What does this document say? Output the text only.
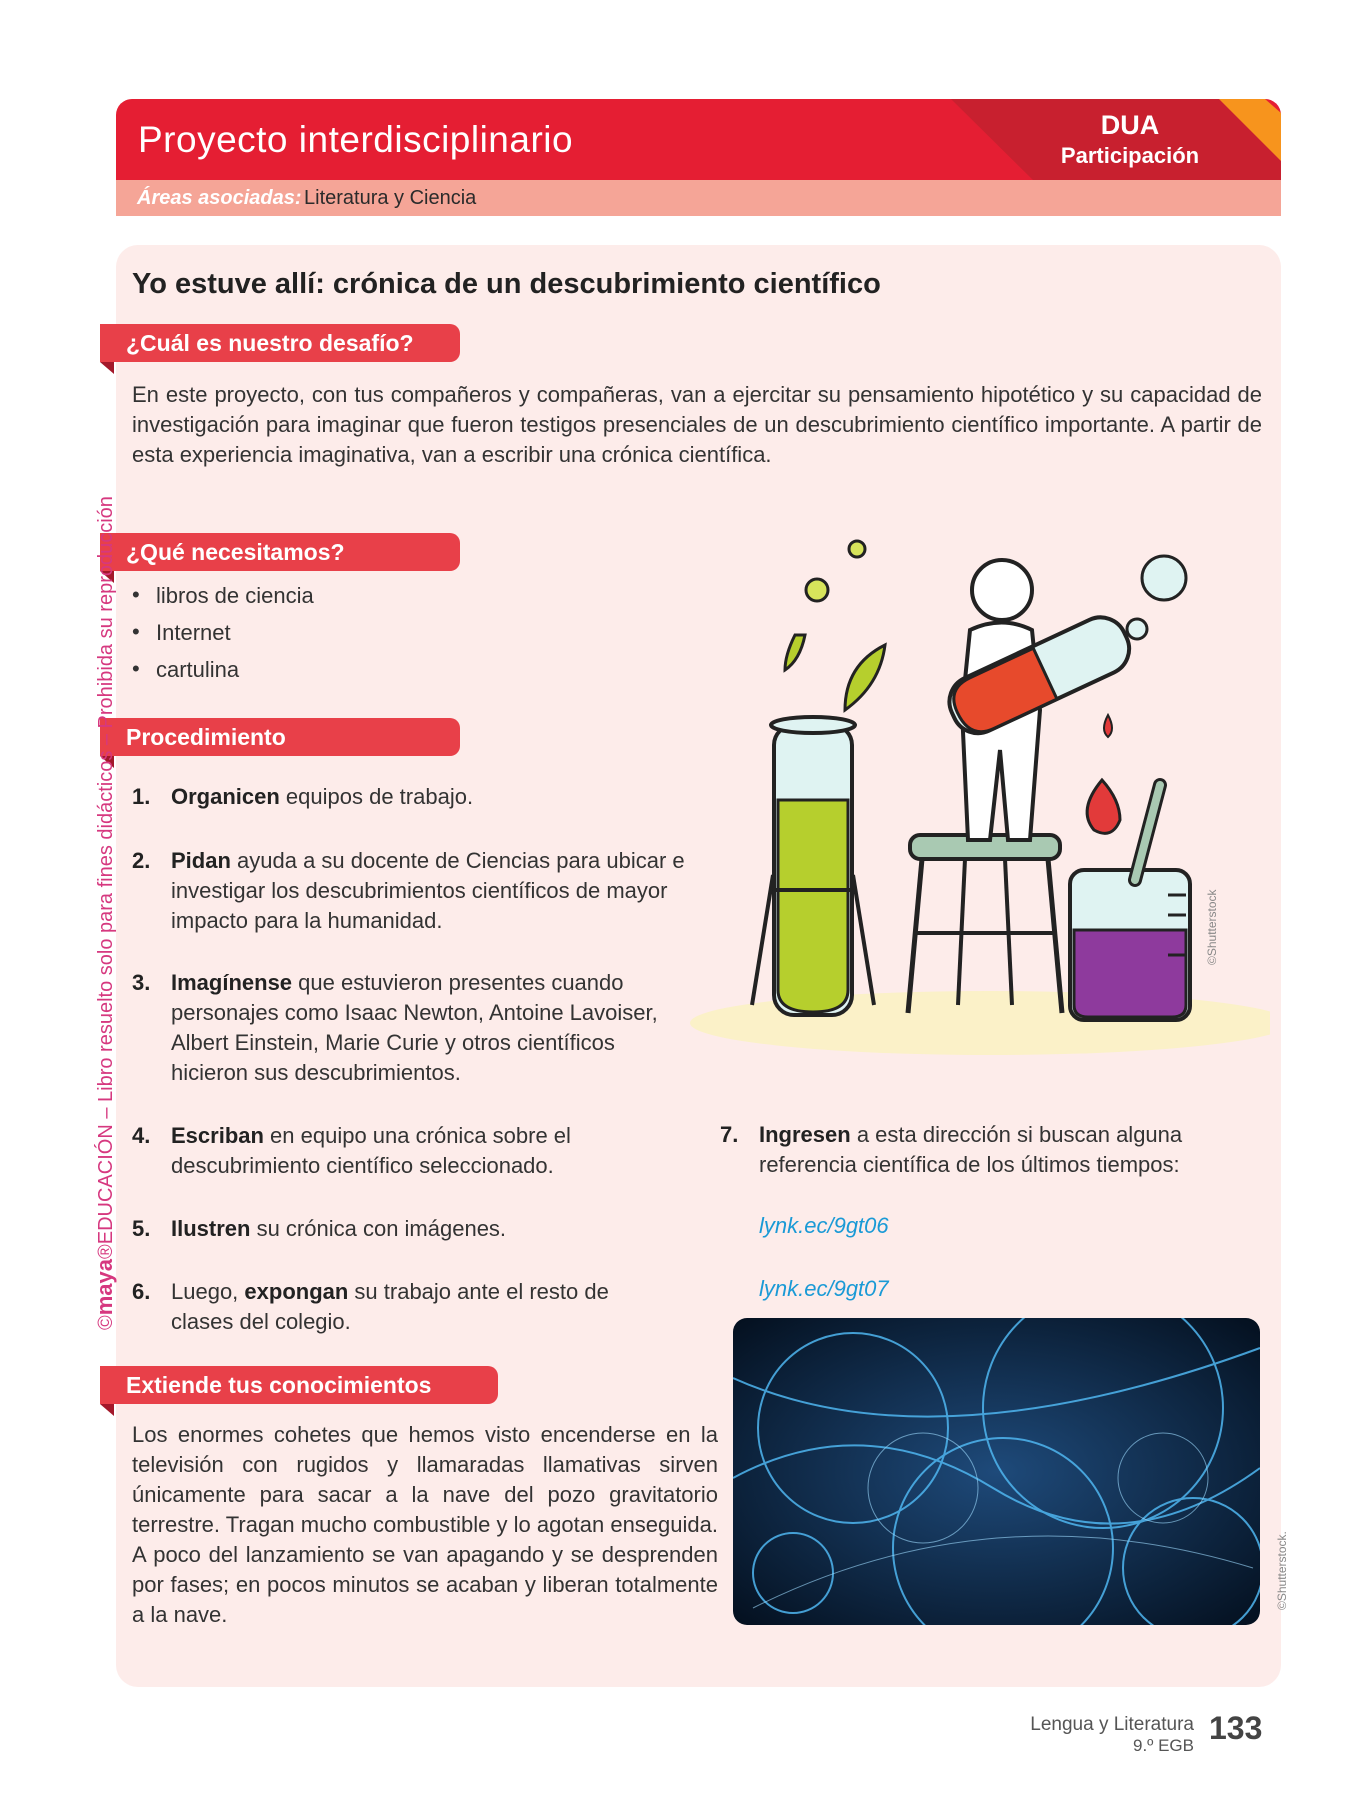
Proyecto interdisciplinario	DUA
Participación
Áreas asociadas: Literatura y Ciencia
Yo estuve allí: crónica de un descubrimiento científico
¿Cuál es nuestro desafío?
En este proyecto, con tus compañeros y compañeras, van a ejercitar su pensamiento hipotético y su capacidad de investigación para imaginar que fueron testigos presenciales de un descubrimiento científico importante. A partir de esta experiencia imaginativa, van a escribir una crónica científica.
¿Qué necesitamos?
• libros de ciencia
• Internet
• cartulina
Procedimiento
1. Organicen equipos de trabajo.
2. Pidan ayuda a su docente de Ciencias para ubicar e investigar los descubrimientos científicos de mayor impacto para la humanidad.
3. Imagínense que estuvieron presentes cuando personajes como Isaac Newton, Antoine Lavoiser, Albert Einstein, Marie Curie y otros científicos hicieron sus descubrimientos.
4. Escriban en equipo una crónica sobre el descubrimiento científico seleccionado.
5. Ilustren su crónica con imágenes.
6. Luego, expongan su trabajo ante el resto de clases del colegio.
7. Ingresen a esta dirección si buscan alguna referencia científica de los últimos tiempos:
lynk.ec/9gt06
lynk.ec/9gt07
Extiende tus conocimientos
Los enormes cohetes que hemos visto encenderse en la televisión con rugidos y llamaradas llamativas sirven únicamente para sacar a la nave del pozo gravitatorio terrestre. Tragan mucho combustible y lo agotan enseguida. A poco del lanzamiento se van apagando y se desprenden por fases; en pocos minutos se acaban y liberan totalmente a la nave.
©Shutterstock
©Shutterstock.
©maya®EDUCACIÓN – Libro resuelto solo para fines didácticos – Prohibida su reproducción
Lengua y Literatura
9.º EGB 133
